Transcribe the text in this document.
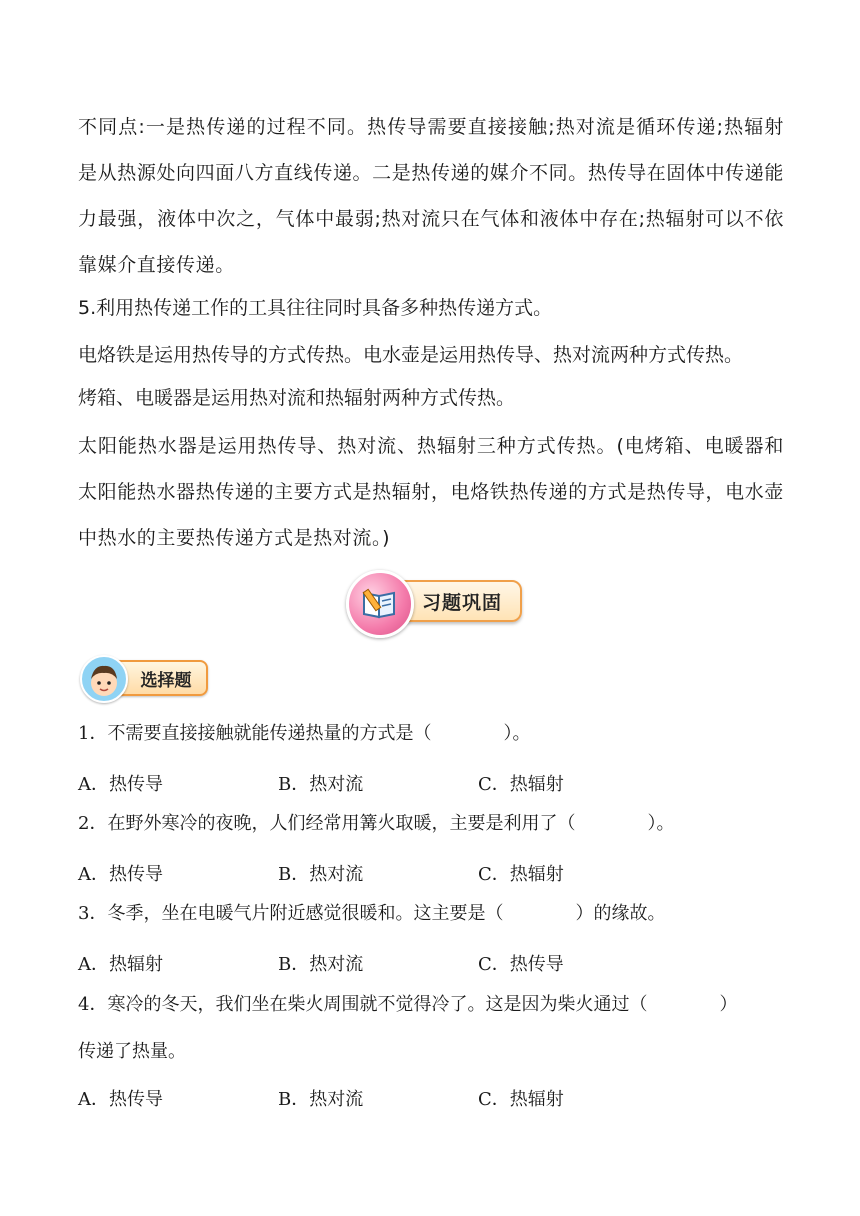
不同点:一是热传递的过程不同。热传导需要直接接触;热对流是循环传递;热辐射是从热源处向四面八方直线传递。二是热传递的媒介不同。热传导在固体中传递能力最强，液体中次之，气体中最弱;热对流只在气体和液体中存在;热辐射可以不依靠媒介直接传递。
5.利用热传递工作的工具往往同时具备多种热传递方式。
电烙铁是运用热传导的方式传热。电水壶是运用热传导、热对流两种方式传热。
烤箱、电暖器是运用热对流和热辐射两种方式传热。
太阳能热水器是运用热传导、热对流、热辐射三种方式传热。(电烤箱、电暖器和太阳能热水器热传递的主要方式是热辐射，电烙铁热传递的方式是热传导，电水壶中热水的主要热传递方式是热对流。)
习题巩固
选择题
1．不需要直接接触就能传递热量的方式是（　　　　）。
A．热传导	B．热对流	C．热辐射
2．在野外寒冷的夜晚，人们经常用篝火取暖，主要是利用了（　　　　）。
A．热传导	B．热对流	C．热辐射
3．冬季，坐在电暖气片附近感觉很暖和。这主要是（　　　　）的缘故。
A．热辐射	B．热对流	C．热传导
4．寒冷的冬天，我们坐在柴火周围就不觉得冷了。这是因为柴火通过（　　　　）
传递了热量。
A．热传导	B．热对流	C．热辐射
